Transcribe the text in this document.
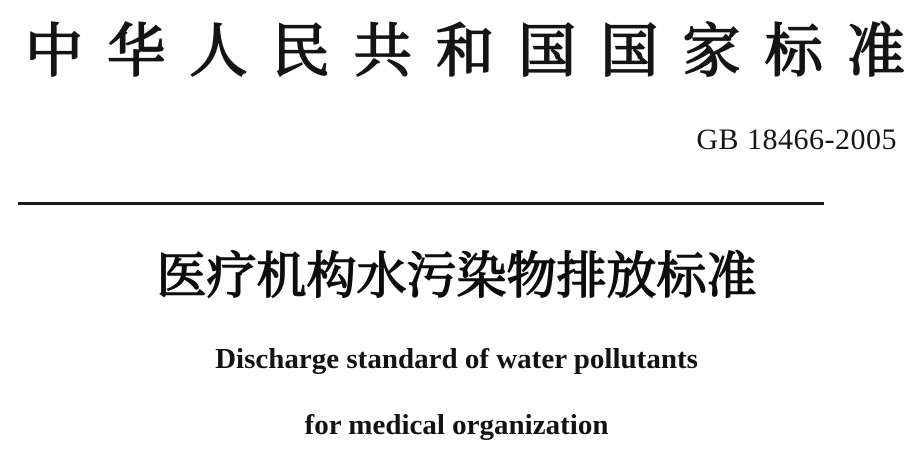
中 华 人 民 共 和 国 国 家 标 准
GB 18466-2005
医疗机构水污染物排放标准
Discharge standard of water pollutants
for medical organization
